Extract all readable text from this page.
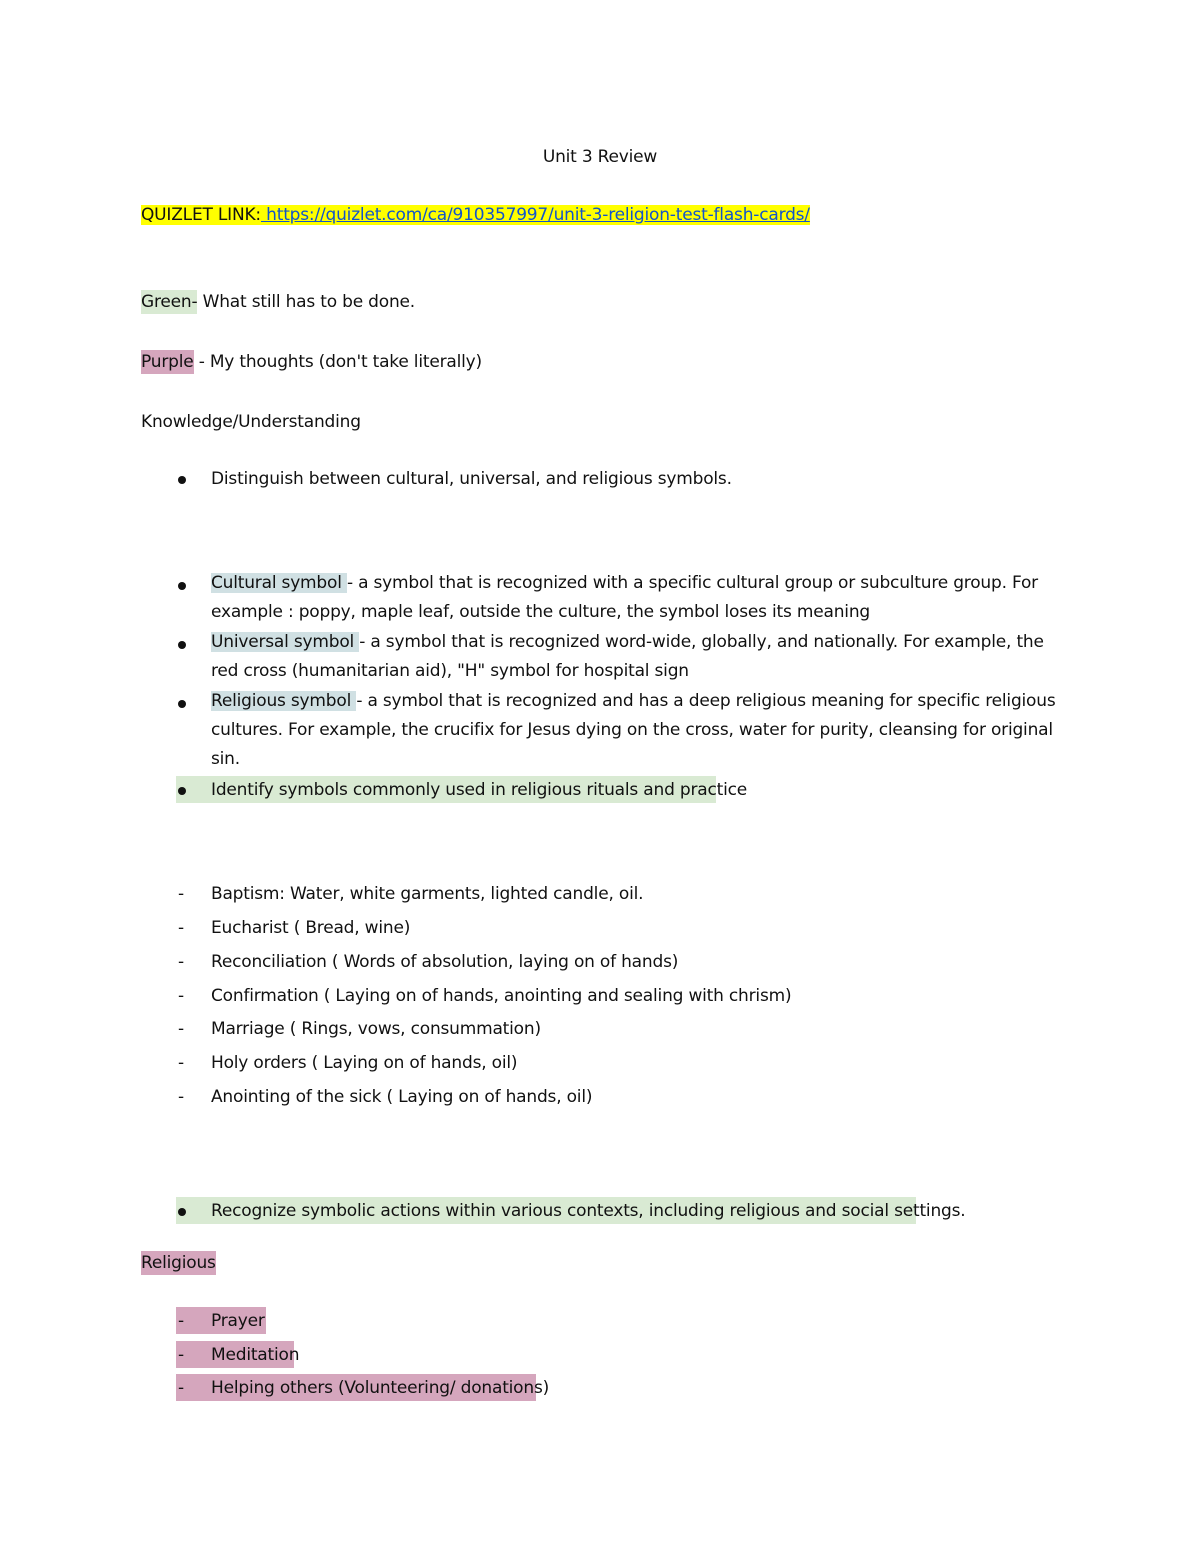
Unit 3 Review
QUIZLET LINK: https://quizlet.com/ca/910357997/unit-3-religion-test-flash-cards/
Green- What still has to be done.
Purple - My thoughts (don't take literally)
Knowledge/Understanding
Distinguish between cultural, universal, and religious symbols.
Cultural symbol - a symbol that is recognized with a specific cultural group or subculture group. For example : poppy, maple leaf, outside the culture, the symbol loses its meaning
Universal symbol - a symbol that is recognized word-wide, globally, and nationally. For example, the red cross (humanitarian aid), "H" symbol for hospital sign
Religious symbol - a symbol that is recognized and has a deep religious meaning for specific religious cultures. For example, the crucifix for Jesus dying on the cross, water for purity, cleansing for original sin.
Identify symbols commonly used in religious rituals and practice
- Baptism: Water, white garments, lighted candle, oil.
- Eucharist ( Bread, wine)
- Reconciliation ( Words of absolution, laying on of hands)
- Confirmation ( Laying on of hands, anointing and sealing with chrism)
- Marriage ( Rings, vows, consummation)
- Holy orders ( Laying on of hands, oil)
- Anointing of the sick ( Laying on of hands, oil)
Recognize symbolic actions within various contexts, including religious and social settings.
Religious
- Prayer
- Meditation
- Helping others (Volunteering/ donations)
